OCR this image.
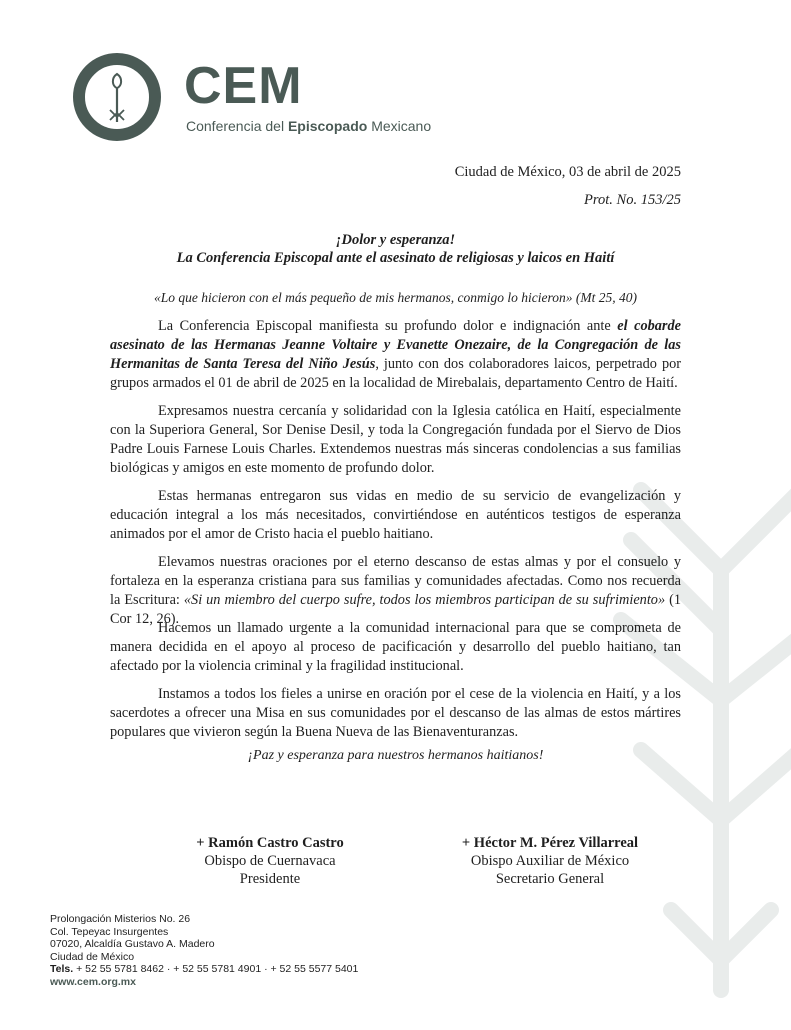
CEM
Conferencia del Episcopado Mexicano
Ciudad de México, 03 de abril de 2025
Prot. No. 153/25
¡Dolor y esperanza!
La Conferencia Episcopal ante el asesinato de religiosas y laicos en Haití
«Lo que hicieron con el más pequeño de mis hermanos, conmigo lo hicieron» (Mt 25, 40)

La Conferencia Episcopal manifiesta su profundo dolor e indignación ante el cobarde asesinato de las Hermanas Jeanne Voltaire y Evanette Onezaire, de la Congregación de las Hermanitas de Santa Teresa del Niño Jesús, junto con dos colaboradores laicos, perpetrado por grupos armados el 01 de abril de 2025 en la localidad de Mirebalais, departamento Centro de Haití.

Expresamos nuestra cercanía y solidaridad con la Iglesia católica en Haití, especialmente con la Superiora General, Sor Denise Desil, y toda la Congregación fundada por el Siervo de Dios Padre Louis Farnese Louis Charles. Extendemos nuestras más sinceras condolencias a sus familias biológicas y amigos en este momento de profundo dolor.

Estas hermanas entregaron sus vidas en medio de su servicio de evangelización y educación integral a los más necesitados, convirtiéndose en auténticos testigos de esperanza animados por el amor de Cristo hacia el pueblo haitiano.

Elevamos nuestras oraciones por el eterno descanso de estas almas y por el consuelo y fortaleza en la esperanza cristiana para sus familias y comunidades afectadas. Como nos recuerda la Escritura: «Si un miembro del cuerpo sufre, todos los miembros participan de su sufrimiento» (1 Cor 12, 26).

Hacemos un llamado urgente a la comunidad internacional para que se comprometa de manera decidida en el apoyo al proceso de pacificación y desarrollo del pueblo haitiano, tan afectado por la violencia criminal y la fragilidad institucional.

Instamos a todos los fieles a unirse en oración por el cese de la violencia en Haití, y a los sacerdotes a ofrecer una Misa en sus comunidades por el descanso de las almas de estos mártires populares que vivieron según la Buena Nueva de las Bienaventuranzas.

¡Paz y esperanza para nuestros hermanos haitianos!
+ Ramón Castro Castro
Obispo de Cuernavaca
Presidente
+ Héctor M. Pérez Villarreal
Obispo Auxiliar de México
Secretario General
Prolongación Misterios No. 26
Col. Tepeyac Insurgentes
07020, Alcaldía Gustavo A. Madero
Ciudad de México
Tels. + 52 55 5781 8462 · + 52 55 5781 4901 · + 52 55 5577 5401
www.cem.org.mx
